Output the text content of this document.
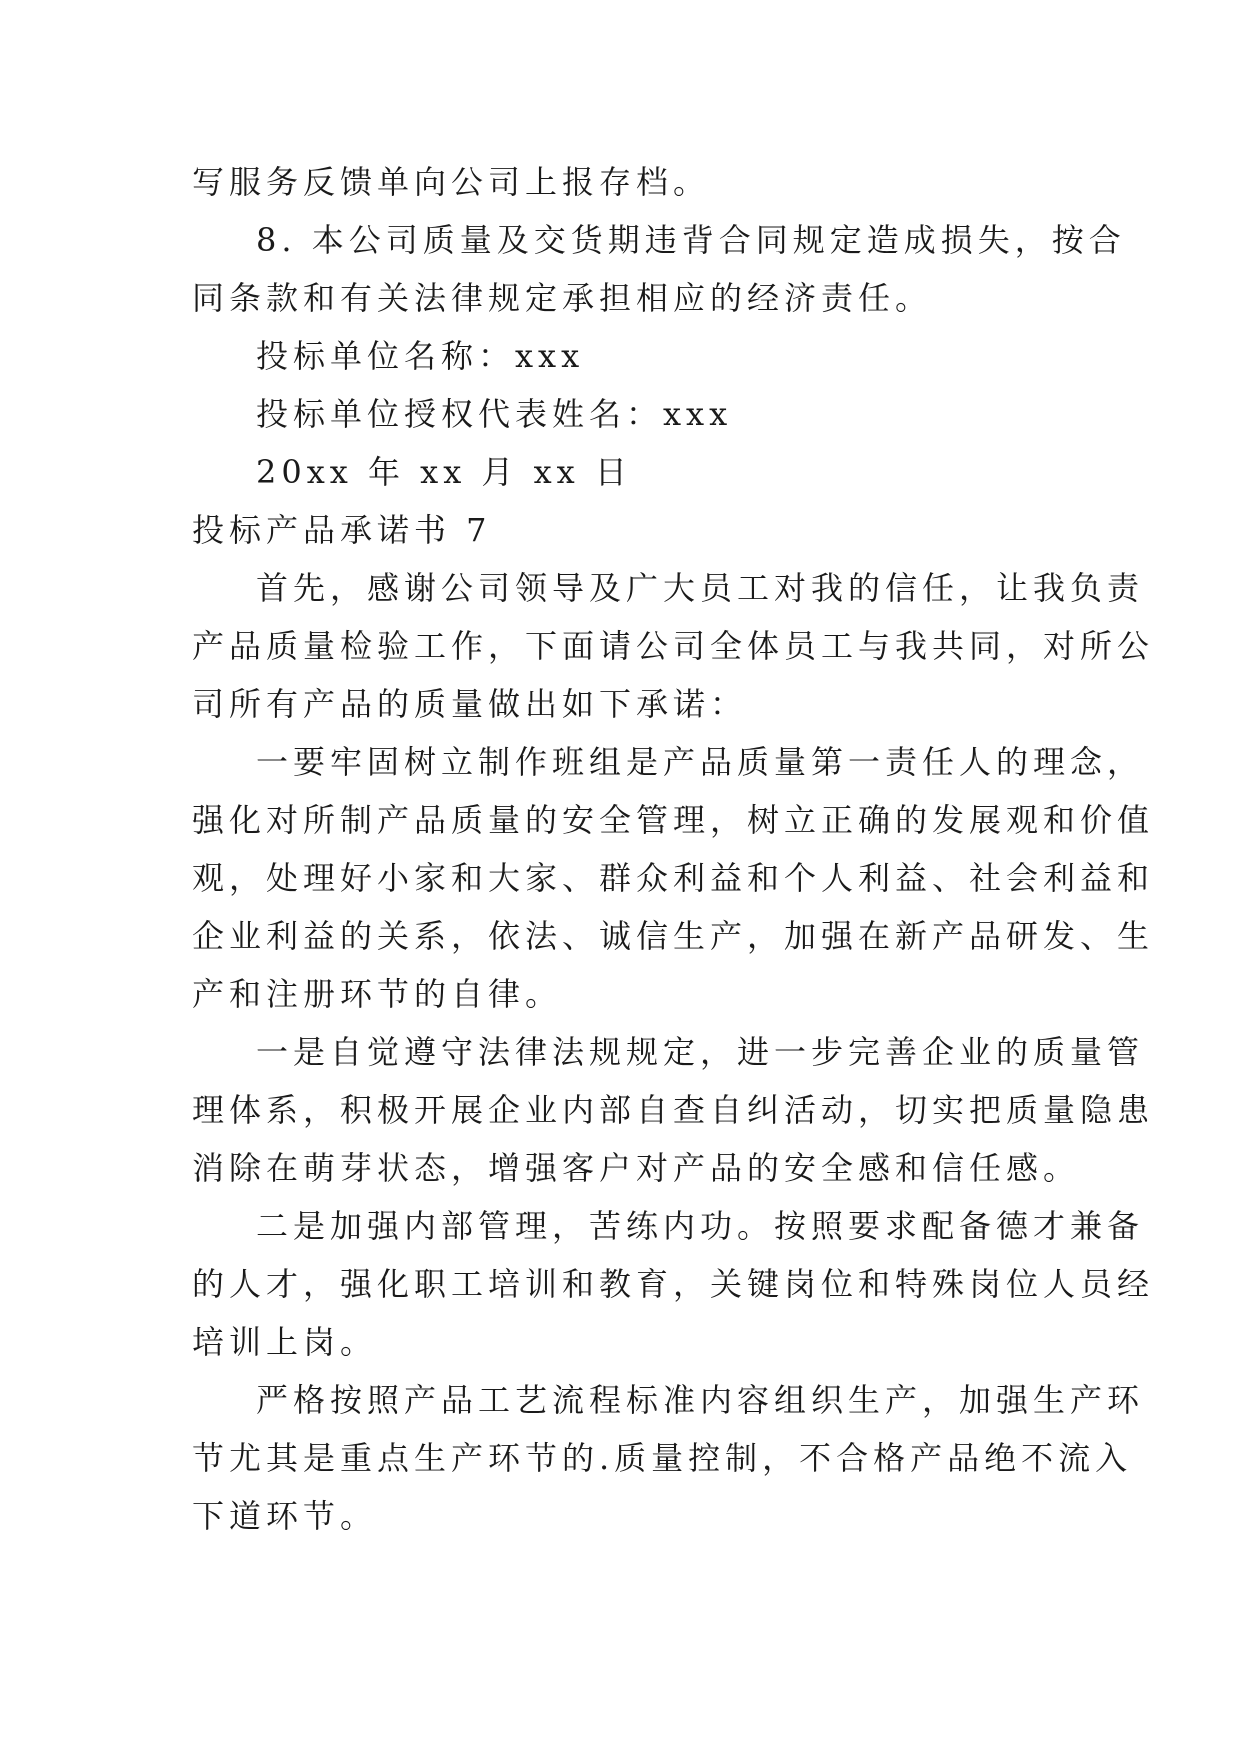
写服务反馈单向公司上报存档。
8. 本公司质量及交货期违背合同规定造成损失，按合
同条款和有关法律规定承担相应的经济责任。
投标单位名称：xxx
投标单位授权代表姓名：xxx
20xx 年 xx 月 xx 日
投标产品承诺书 7
首先，感谢公司领导及广大员工对我的信任，让我负责
产品质量检验工作，下面请公司全体员工与我共同，对所公
司所有产品的质量做出如下承诺：
一要牢固树立制作班组是产品质量第一责任人的理念，
强化对所制产品质量的安全管理，树立正确的发展观和价值
观，处理好小家和大家、群众利益和个人利益、社会利益和
企业利益的关系，依法、诚信生产，加强在新产品研发、生
产和注册环节的自律。
一是自觉遵守法律法规规定，进一步完善企业的质量管
理体系，积极开展企业内部自查自纠活动，切实把质量隐患
消除在萌芽状态，增强客户对产品的安全感和信任感。
二是加强内部管理，苦练内功。按照要求配备德才兼备
的人才，强化职工培训和教育，关键岗位和特殊岗位人员经
培训上岗。
严格按照产品工艺流程标准内容组织生产，加强生产环
节尤其是重点生产环节的.质量控制，不合格产品绝不流入
下道环节。
